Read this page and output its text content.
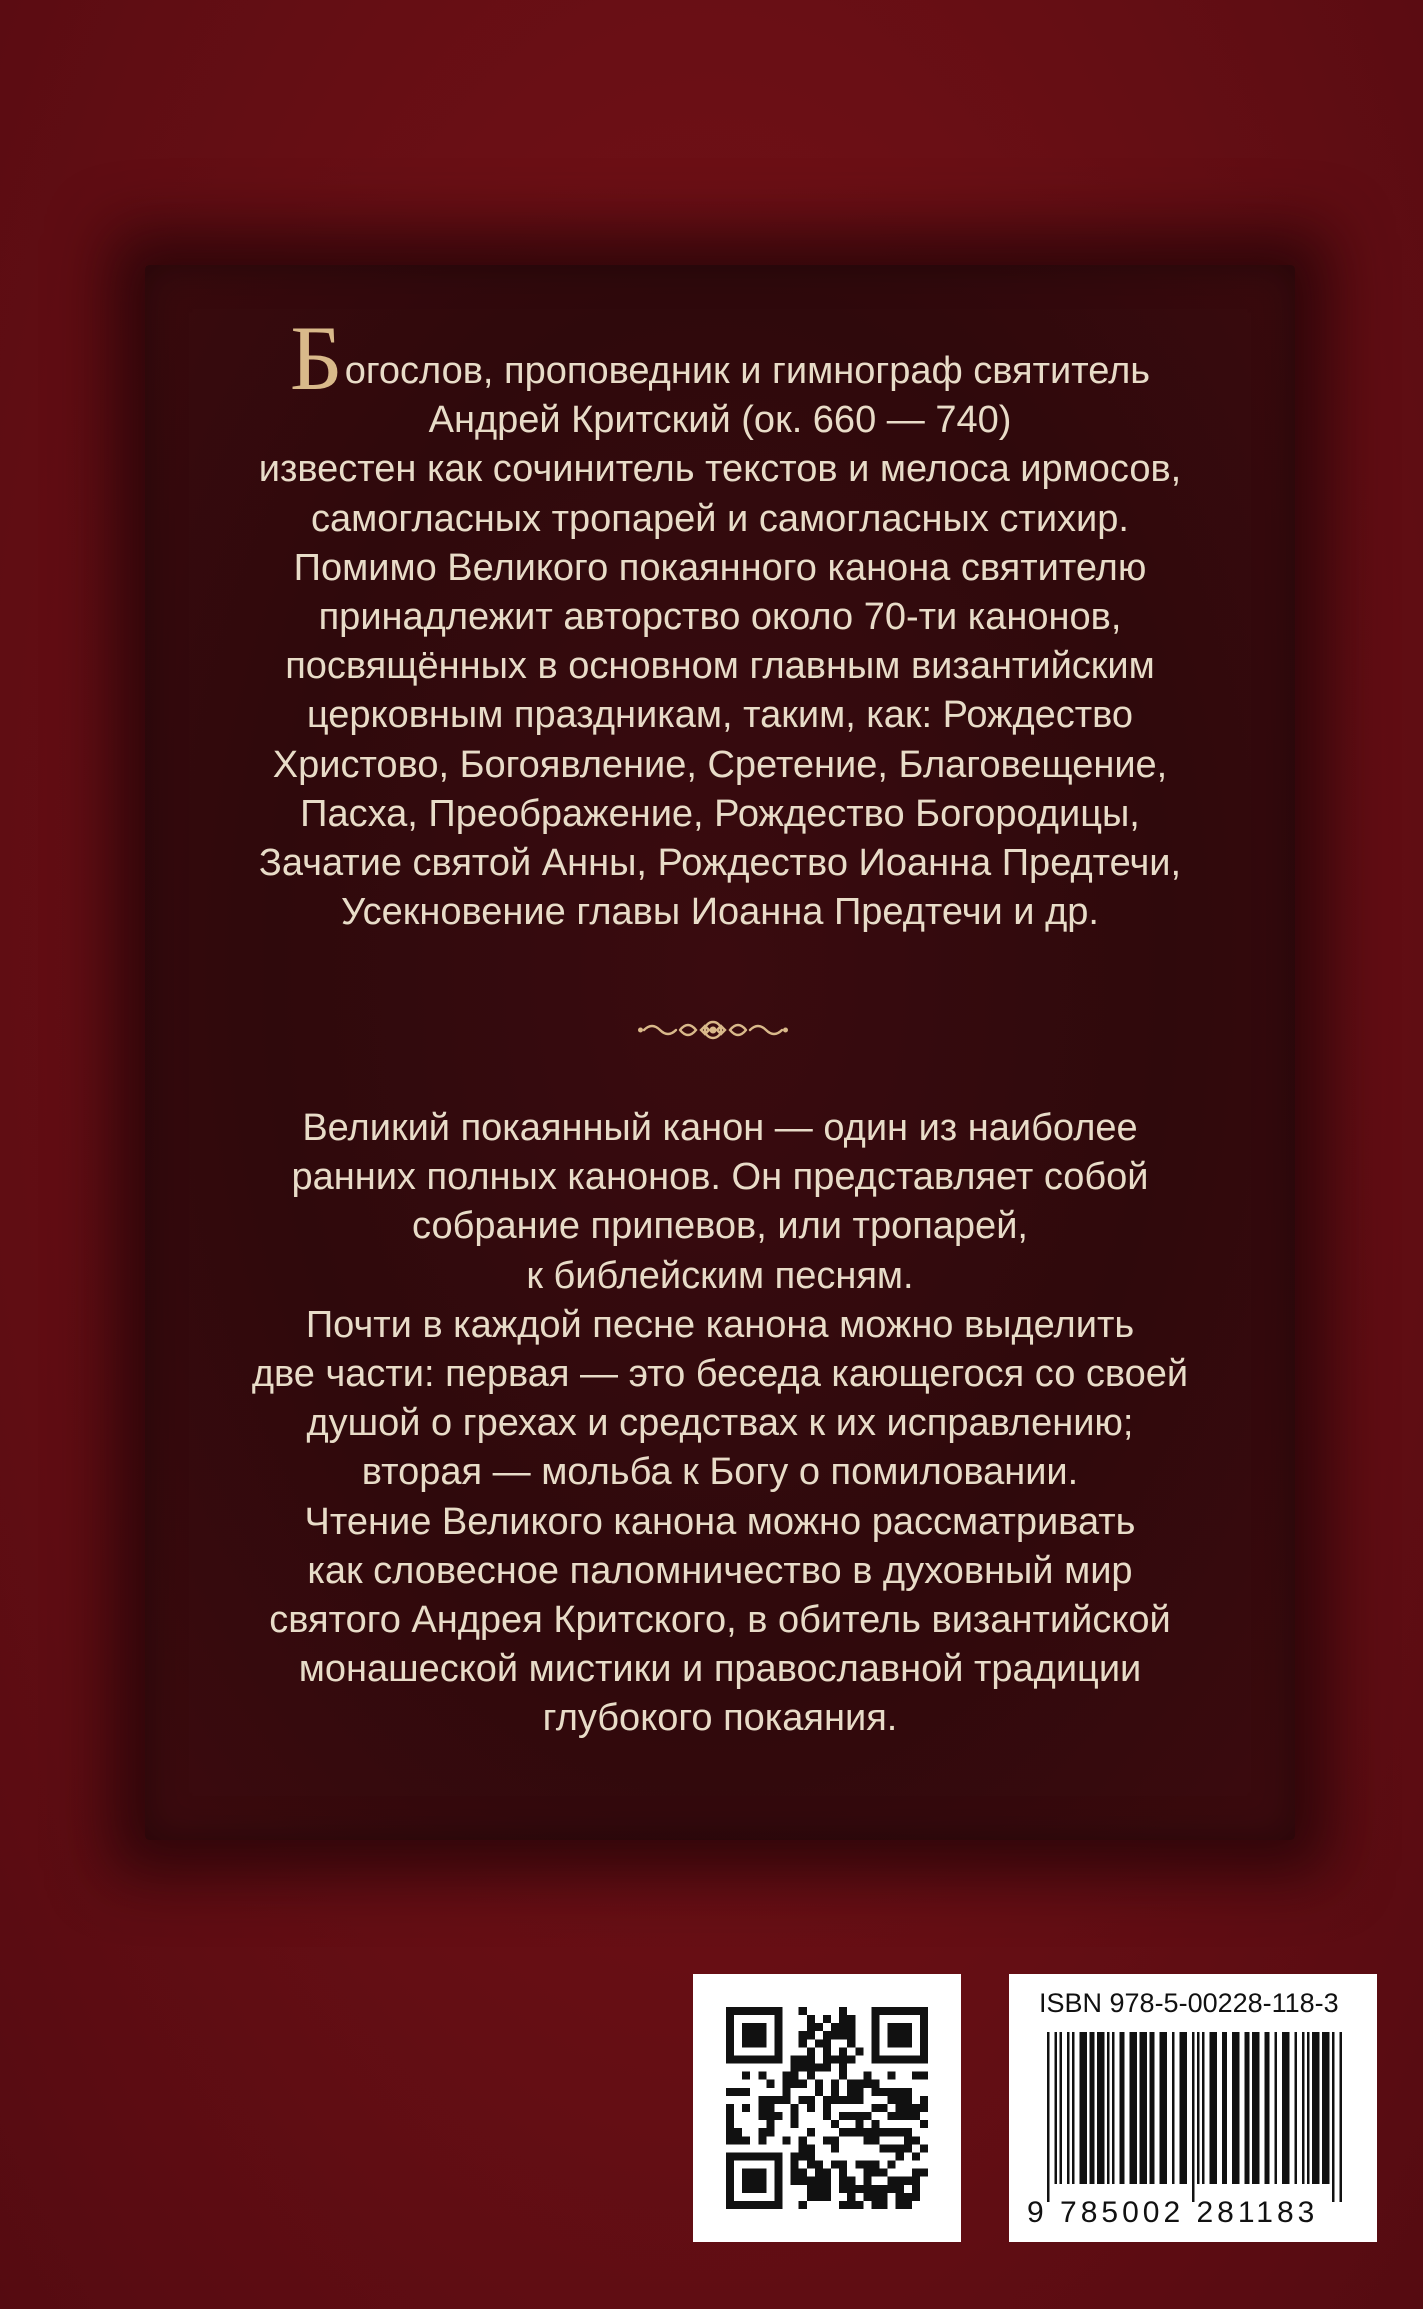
Богослов, проповедник и гимнограф святитель
Андрей Критский (ок. 660 — 740)
известен как сочинитель текстов и мелоса ирмосов,
самогласных тропарей и самогласных стихир.
Помимо Великого покаянного канона святителю
принадлежит авторство около 70-ти канонов,
посвящённых в основном главным византийским
церковным праздникам, таким, как: Рождество
Христово, Богоявление, Сретение, Благовещение,
Пасха, Преображение, Рождество Богородицы,
Зачатие святой Анны, Рождество Иоанна Предтечи,
Усекновение главы Иоанна Предтечи и др.
Великий покаянный канон — один из наиболее
ранних полных канонов. Он представляет собой
собрание припевов, или тропарей,
к библейским песням.
Почти в каждой песне канона можно выделить
две части: первая — это беседа кающегося со своей
душой о грехах и средствах к их исправлению;
вторая — мольба к Богу о помиловании.
Чтение Великого канона можно рассматривать
как словесное паломничество в духовный мир
святого Андрея Критского, в обитель византийской
монашеской мистики и православной традиции
глубокого покаяния.
ISBN 978-5-00228-118-3
9 785002 281183
